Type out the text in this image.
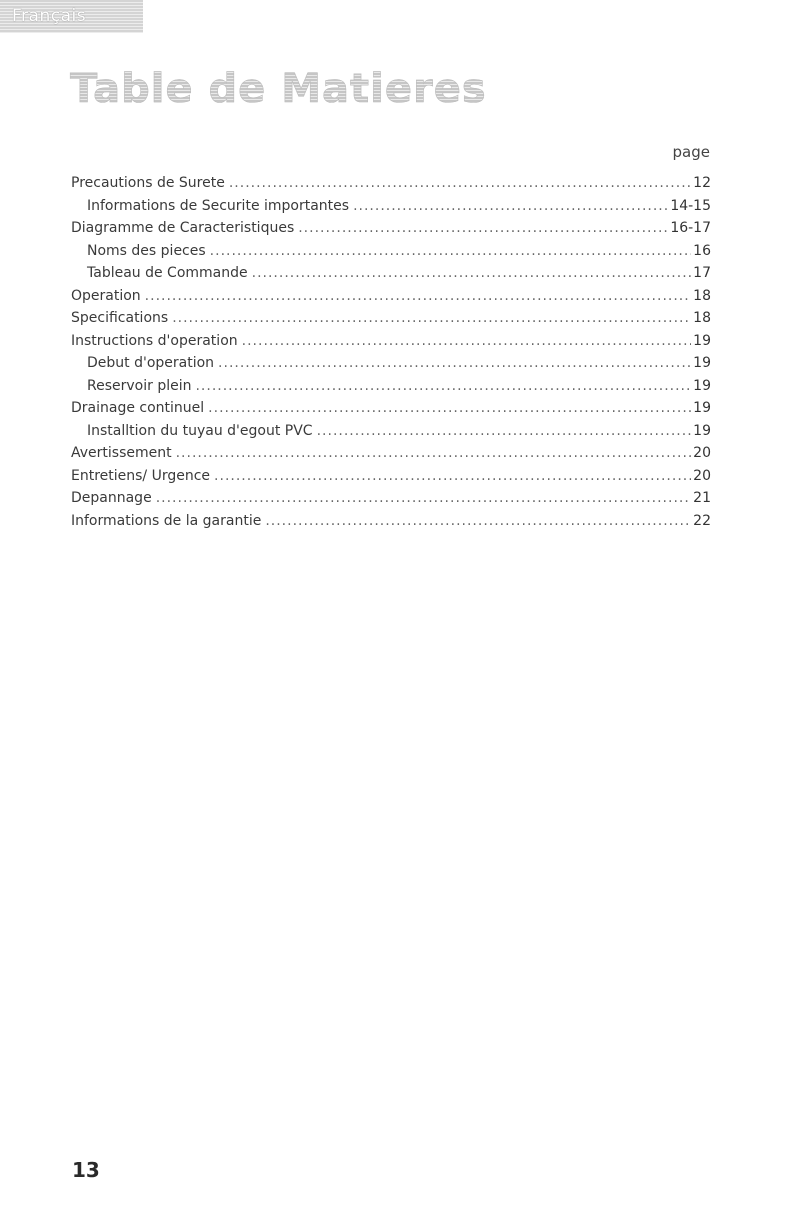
Français
Table de Matieres
page
Precautions de Surete .....	12
Informations de Securite importantes .....	14-15
Diagramme de Caracteristiques .....	16-17
Noms des pieces .....	16
Tableau de Commande .....	17
Operation .....	18
Specifications .....	18
Instructions d'operation .....	19
Debut d'operation .....	19
Reservoir plein .....	19
Drainage continuel .....	19
Installtion du tuyau d'egout PVC .....	19
Avertissement .....	20
Entretiens/ Urgence .....	20
Depannage .....	21
Informations de la garantie .....	22
13
